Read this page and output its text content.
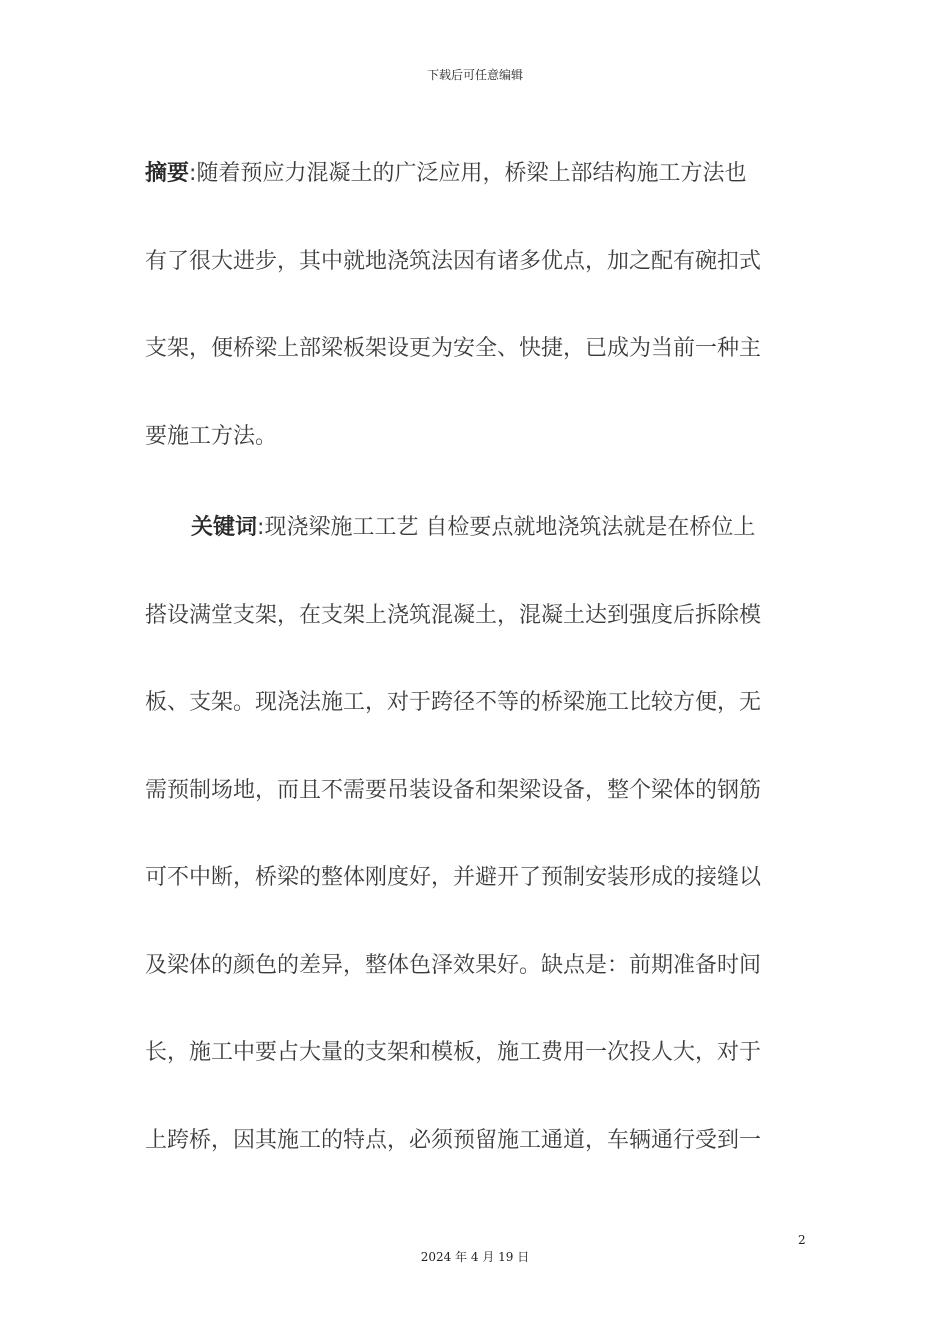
下载后可任意编辑
摘要:随着预应力混凝土的广泛应用，桥梁上部结构施工方法也
有了很大进步，其中就地浇筑法因有诸多优点，加之配有碗扣式
支架，便桥梁上部梁板架设更为安全、快捷，已成为当前一种主
要施工方法。
关键词:现浇梁施工工艺 自检要点就地浇筑法就是在桥位上
搭设满堂支架，在支架上浇筑混凝土，混凝土达到强度后拆除模
板、支架。现浇法施工，对于跨径不等的桥梁施工比较方便，无
需预制场地，而且不需要吊装设备和架梁设备，整个梁体的钢筋
可不中断，桥梁的整体刚度好，并避开了预制安装形成的接缝以
及梁体的颜色的差异，整体色泽效果好。缺点是：前期准备时间
长，施工中要占大量的支架和模板，施工费用一次投人大，对于
上跨桥，因其施工的特点，必须预留施工通道，车辆通行受到一
2
2024 年 4 月 19 日
